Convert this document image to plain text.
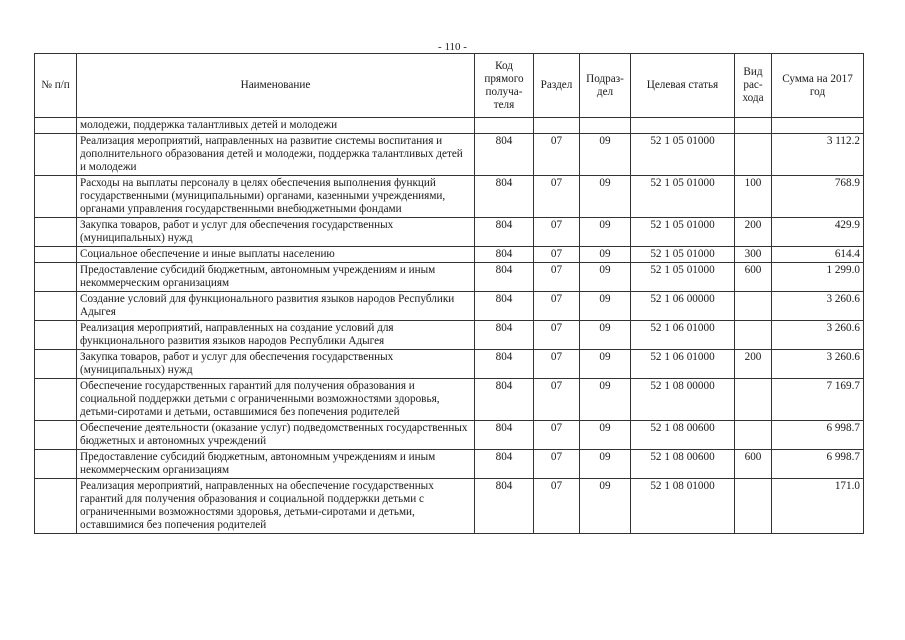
- 110 -
№ п/п	Наименование	Код прямого получа-теля	Раздел	Подраз-дел	Целевая статья	Вид рас-хода	Сумма на 2017 год
	молодежи, поддержка талантливых детей и молодежи						
	Реализация мероприятий, направленных на развитие системы воспитания и дополнительного образования детей и молодежи, поддержка талантливых детей и молодежи	804	07	09	52 1 05 01000		3 112.2
	Расходы на выплаты персоналу в целях обеспечения выполнения функций государственными (муниципальными) органами, казенными учреждениями, органами управления государственными внебюджетными фондами	804	07	09	52 1 05 01000	100	768.9
	Закупка товаров, работ и услуг для обеспечения государственных (муниципальных) нужд	804	07	09	52 1 05 01000	200	429.9
	Социальное обеспечение и иные выплаты населению	804	07	09	52 1 05 01000	300	614.4
	Предоставление субсидий бюджетным, автономным учреждениям и иным некоммерческим организациям	804	07	09	52 1 05 01000	600	1 299.0
	Создание условий для функционального развития языков народов Республики Адыгея	804	07	09	52 1 06 00000		3 260.6
	Реализация мероприятий, направленных на создание условий для функционального развития языков народов Республики Адыгея	804	07	09	52 1 06 01000		3 260.6
	Закупка товаров, работ и услуг для обеспечения государственных (муниципальных) нужд	804	07	09	52 1 06 01000	200	3 260.6
	Обеспечение государственных гарантий для получения образования и социальной поддержки детьми с ограниченными возможностями здоровья, детьми-сиротами и детьми, оставшимися без попечения родителей	804	07	09	52 1 08 00000		7 169.7
	Обеспечение деятельности (оказание услуг) подведомственных государственных бюджетных и автономных учреждений	804	07	09	52 1 08 00600		6 998.7
	Предоставление субсидий бюджетным, автономным учреждениям и иным некоммерческим организациям	804	07	09	52 1 08 00600	600	6 998.7
	Реализация мероприятий, направленных на обеспечение государственных гарантий для получения образования и социальной поддержки детьми с ограниченными возможностями здоровья, детьми-сиротами и детьми, оставшимися без попечения родителей	804	07	09	52 1 08 01000		171.0
